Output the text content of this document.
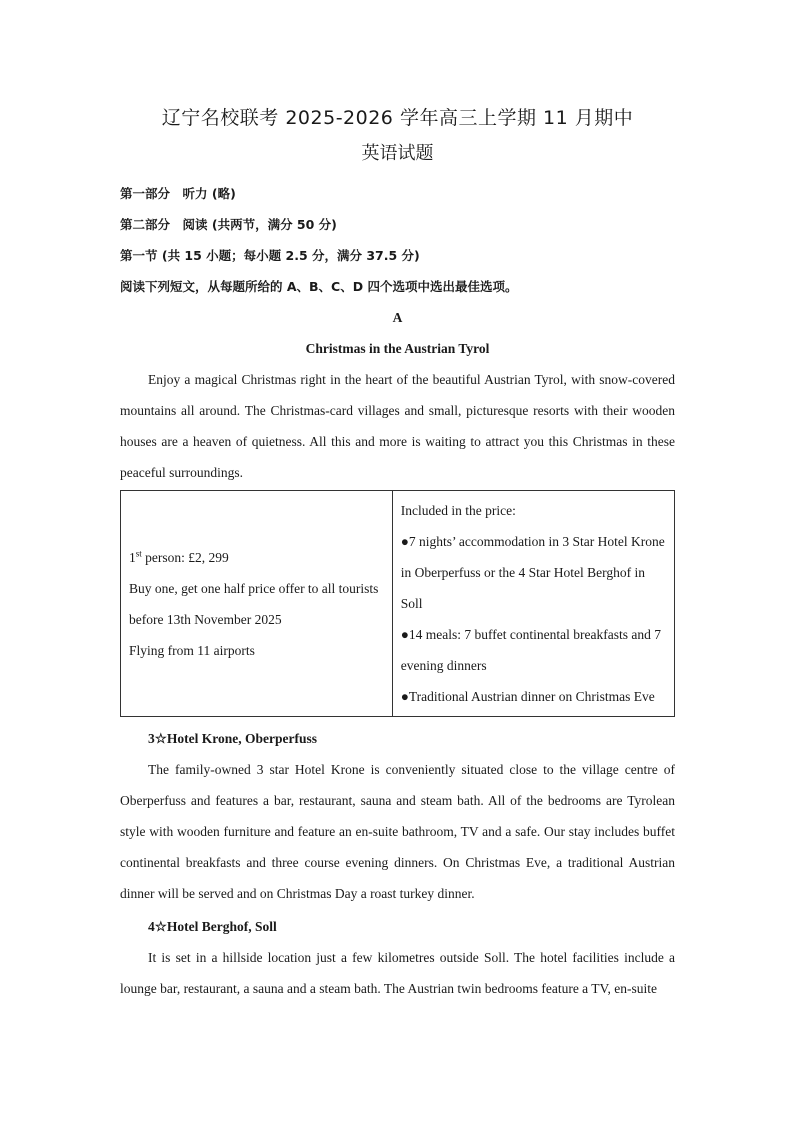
辽宁名校联考 2025-2026 学年高三上学期 11 月期中
英语试题

第一部分　听力 (略)

第二部分　阅读 (共两节，满分 50 分)

第一节 (共 15 小题；每小题 2.5 分，满分 37.5 分)

阅读下列短文，从每题所给的 A、B、C、D 四个选项中选出最佳选项。

A

Christmas in the Austrian Tyrol

Enjoy a magical Christmas right in the heart of the beautiful Austrian Tyrol, with snow-covered mountains all around. The Christmas-card villages and small, picturesque resorts with their wooden houses are a heaven of quietness. All this and more is waiting to attract you this Christmas in these peaceful surroundings.

1st person: £2, 299
Buy one, get one half price offer to all tourists before 13th November 2025
Flying from 11 airports

Included in the price:
●7 nights’ accommodation in 3 Star Hotel Krone in Oberperfuss or the 4 Star Hotel Berghof in Soll
●14 meals: 7 buffet continental breakfasts and 7 evening dinners
●Traditional Austrian dinner on Christmas Eve

3☆Hotel Krone, Oberperfuss

The family-owned 3 star Hotel Krone is conveniently situated close to the village centre of Oberperfuss and features a bar, restaurant, sauna and steam bath. All of the bedrooms are Tyrolean style with wooden furniture and feature an en-suite bathroom, TV and a safe. Our stay includes buffet continental breakfasts and three course evening dinners. On Christmas Eve, a traditional Austrian dinner will be served and on Christmas Day a roast turkey dinner.

4☆Hotel Berghof, Soll

It is set in a hillside location just a few kilometres outside Soll. The hotel facilities include a lounge bar, restaurant, a sauna and a steam bath. The Austrian twin bedrooms feature a TV, en-suite
